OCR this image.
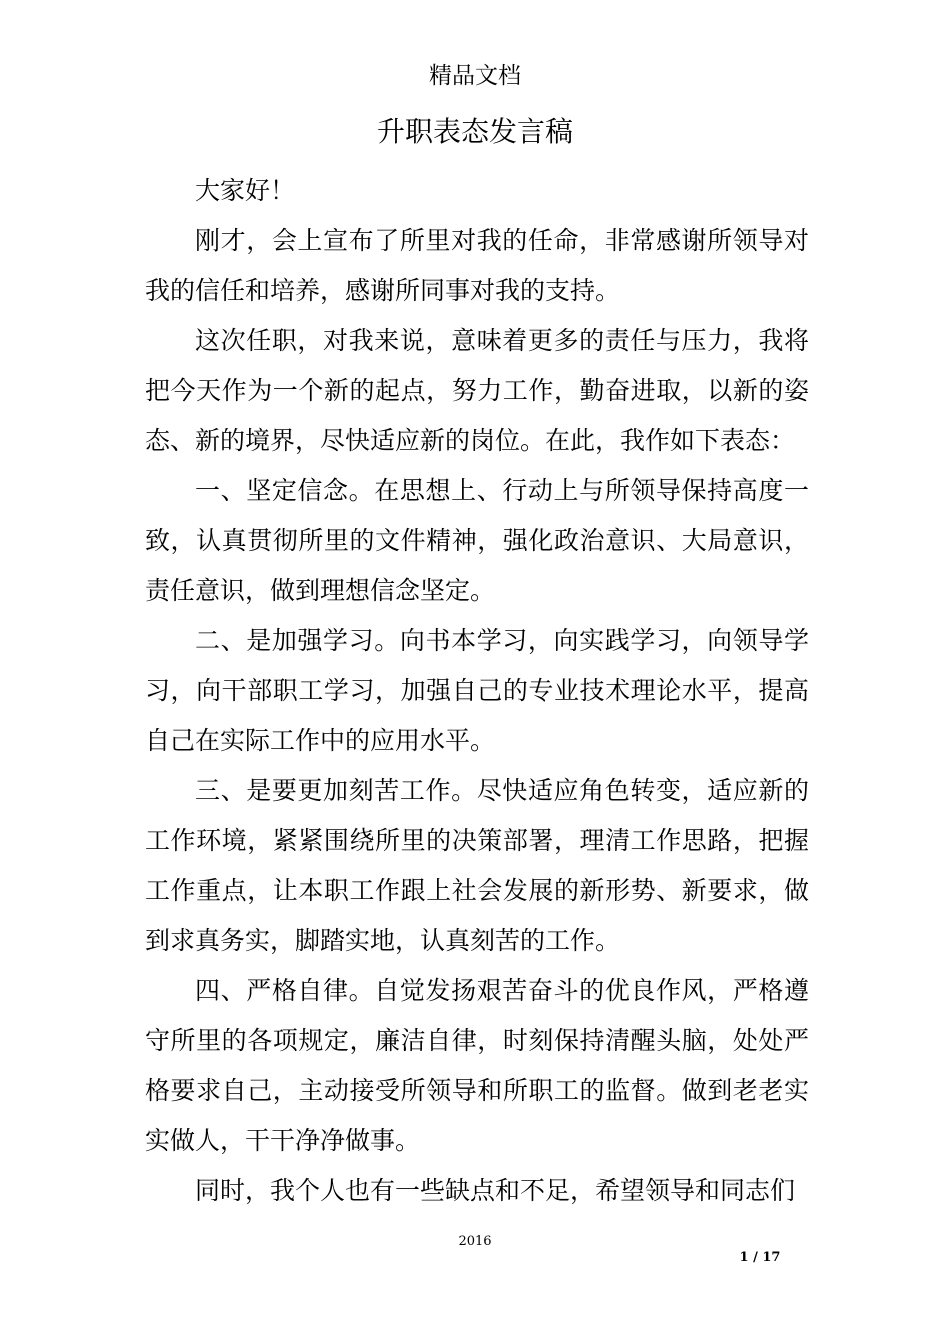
精品文档
升职表态发言稿

大家好！

刚才，会上宣布了所里对我的任命，非常感谢所领导对我的信任和培养，感谢所同事对我的支持。

这次任职，对我来说，意味着更多的责任与压力，我将把今天作为一个新的起点，努力工作，勤奋进取，以新的姿态、新的境界，尽快适应新的岗位。在此，我作如下表态：

一、坚定信念。在思想上、行动上与所领导保持高度一致，认真贯彻所里的文件精神，强化政治意识、大局意识，责任意识，做到理想信念坚定。

二、是加强学习。向书本学习，向实践学习，向领导学习，向干部职工学习，加强自己的专业技术理论水平，提高自己在实际工作中的应用水平。

三、是要更加刻苦工作。尽快适应角色转变，适应新的工作环境，紧紧围绕所里的决策部署，理清工作思路，把握工作重点，让本职工作跟上社会发展的新形势、新要求，做到求真务实，脚踏实地，认真刻苦的工作。

四、严格自律。自觉发扬艰苦奋斗的优良作风，严格遵守所里的各项规定，廉洁自律，时刻保持清醒头脑，处处严格要求自己，主动接受所领导和所职工的监督。做到老老实实做人，干干净净做事。

同时，我个人也有一些缺点和不足，希望领导和同志们

2016
1 / 17
